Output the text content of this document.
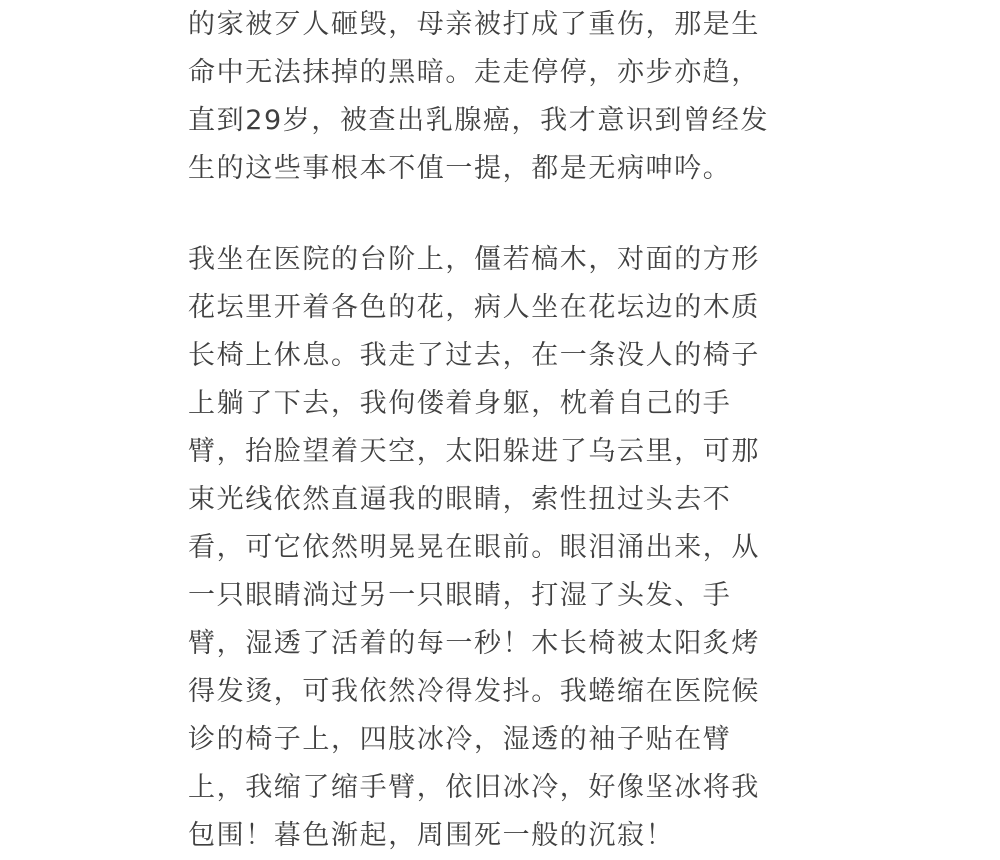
的家被歹人砸毁，母亲被打成了重伤，那是生
命中无法抹掉的黑暗。走走停停，亦步亦趋，
直到29岁，被查出乳腺癌，我才意识到曾经发
生的这些事根本不值一提，都是无病呻吟。

我坐在医院的台阶上，僵若槁木，对面的方形
花坛里开着各色的花，病人坐在花坛边的木质
长椅上休息。我走了过去，在一条没人的椅子
上躺了下去，我佝偻着身躯，枕着自己的手
臂，抬脸望着天空，太阳躲进了乌云里，可那
束光线依然直逼我的眼睛，索性扭过头去不
看，可它依然明晃晃在眼前。眼泪涌出来，从
一只眼睛淌过另一只眼睛，打湿了头发、手
臂，湿透了活着的每一秒！木长椅被太阳炙烤
得发烫，可我依然冷得发抖。我蜷缩在医院候
诊的椅子上，四肢冰冷，湿透的袖子贴在臂
上，我缩了缩手臂，依旧冰冷，好像坚冰将我
包围！暮色渐起，周围死一般的沉寂！
